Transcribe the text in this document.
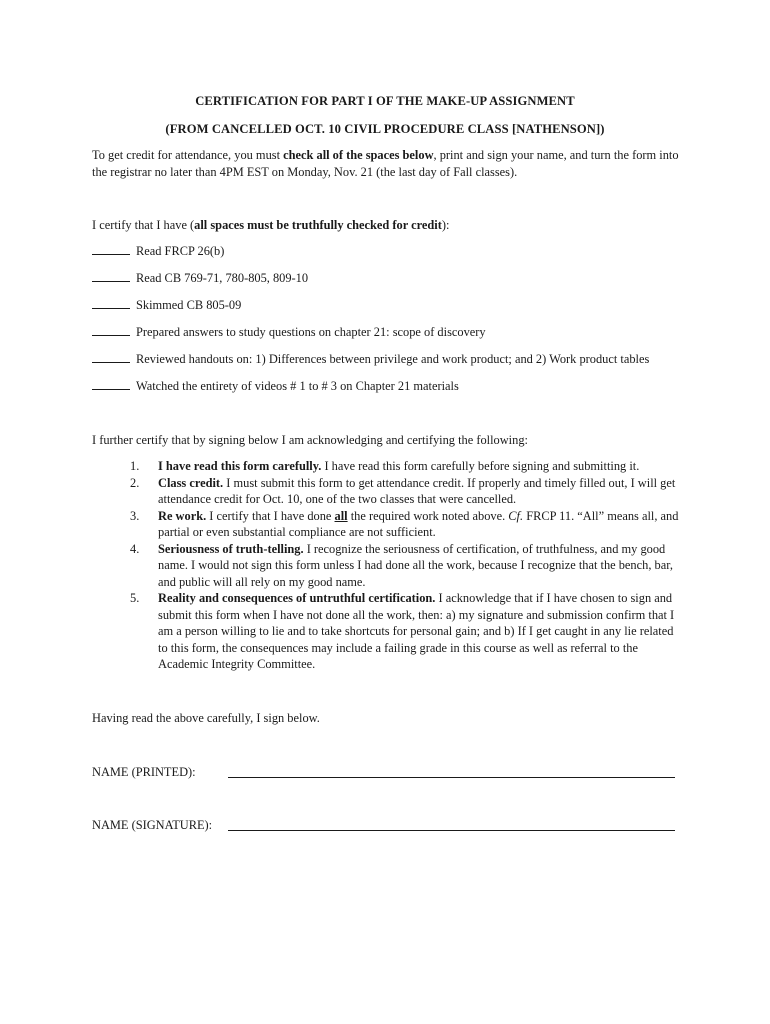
CERTIFICATION FOR PART I OF THE MAKE-UP ASSIGNMENT
(FROM CANCELLED OCT. 10 CIVIL PROCEDURE CLASS [NATHENSON])
To get credit for attendance, you must check all of the spaces below, print and sign your name, and turn the form into the registrar no later than 4PM EST on Monday, Nov. 21 (the last day of Fall classes).
I certify that I have (all spaces must be truthfully checked for credit):
Read FRCP 26(b)
Read CB 769-71, 780-805, 809-10
Skimmed CB 805-09
Prepared answers to study questions on chapter 21: scope of discovery
Reviewed handouts on: 1) Differences between privilege and work product; and 2) Work product tables
Watched the entirety of videos # 1 to # 3 on Chapter 21 materials
I further certify that by signing below I am acknowledging and certifying the following:
1. I have read this form carefully. I have read this form carefully before signing and submitting it.
2. Class credit. I must submit this form to get attendance credit. If properly and timely filled out, I will get attendance credit for Oct. 10, one of the two classes that were cancelled.
3. Re work. I certify that I have done all the required work noted above. Cf. FRCP 11. “All” means all, and partial or even substantial compliance are not sufficient.
4. Seriousness of truth-telling. I recognize the seriousness of certification, of truthfulness, and my good name. I would not sign this form unless I had done all the work, because I recognize that the bench, bar, and public will all rely on my good name.
5. Reality and consequences of untruthful certification. I acknowledge that if I have chosen to sign and submit this form when I have not done all the work, then: a) my signature and submission confirm that I am a person willing to lie and to take shortcuts for personal gain; and b) If I get caught in any lie related to this form, the consequences may include a failing grade in this course as well as referral to the Academic Integrity Committee.
Having read the above carefully, I sign below.
NAME (PRINTED):
NAME (SIGNATURE):
